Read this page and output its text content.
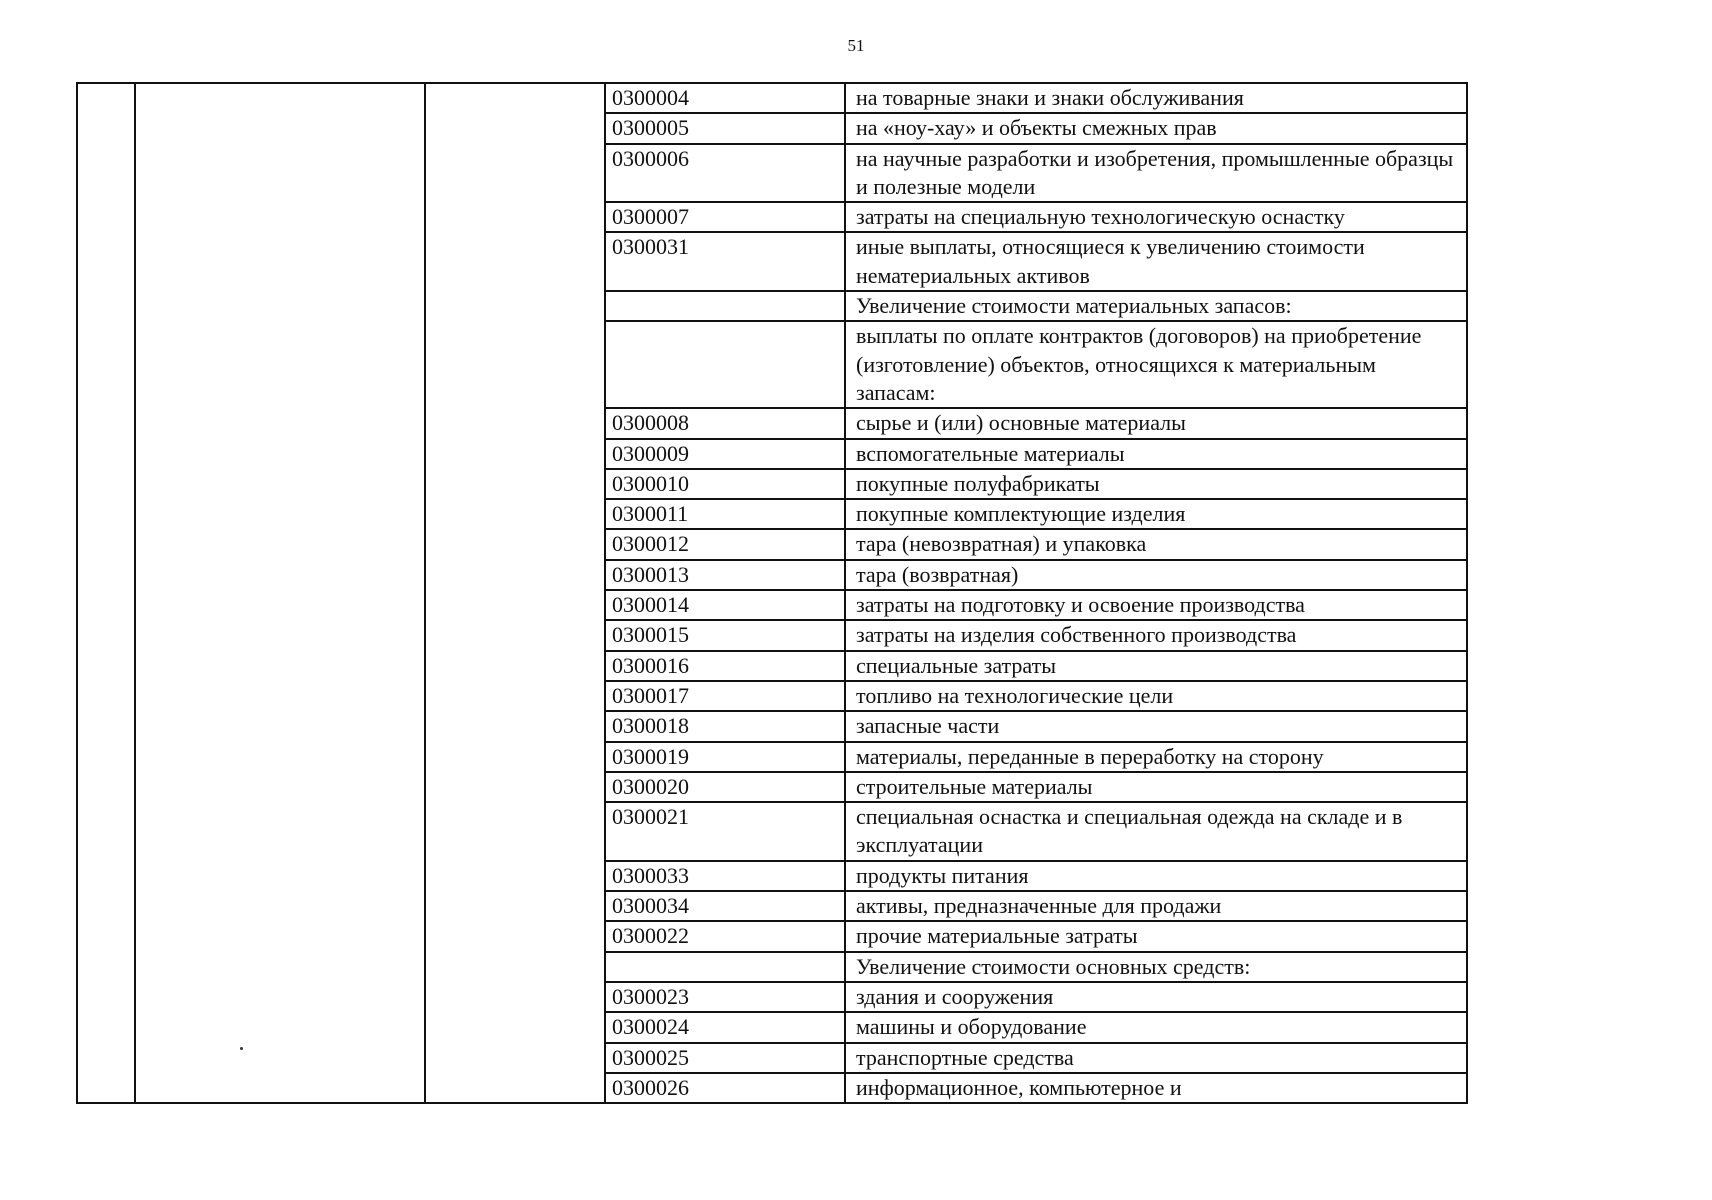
51
			0300004	на товарные знаки и знаки обслуживания
			0300005	на «ноу-хау» и объекты смежных прав
			0300006	на научные разработки и изобретения, промышленные образцы и полезные модели
			0300007	затраты на специальную технологическую оснастку
			0300031	иные выплаты, относящиеся к увеличению стоимости нематериальных активов
				Увеличение стоимости материальных запасов:
				выплаты по оплате контрактов (договоров) на приобретение (изготовление) объектов, относящихся к материальным запасам:
			0300008	сырье и (или) основные материалы
			0300009	вспомогательные материалы
			0300010	покупные полуфабрикаты
			0300011	покупные комплектующие изделия
			0300012	тара (невозвратная) и упаковка
			0300013	тара (возвратная)
			0300014	затраты на подготовку и освоение производства
			0300015	затраты на изделия собственного производства
			0300016	специальные затраты
			0300017	топливо на технологические цели
			0300018	запасные части
			0300019	материалы, переданные в переработку на сторону
			0300020	строительные материалы
			0300021	специальная оснастка и специальная одежда на складе и в эксплуатации
			0300033	продукты питания
			0300034	активы, предназначенные для продажи
			0300022	прочие материальные затраты
				Увеличение стоимости основных средств:
			0300023	здания и сооружения
			0300024	машины и оборудование
			0300025	транспортные средства
			0300026	информационное, компьютерное и
